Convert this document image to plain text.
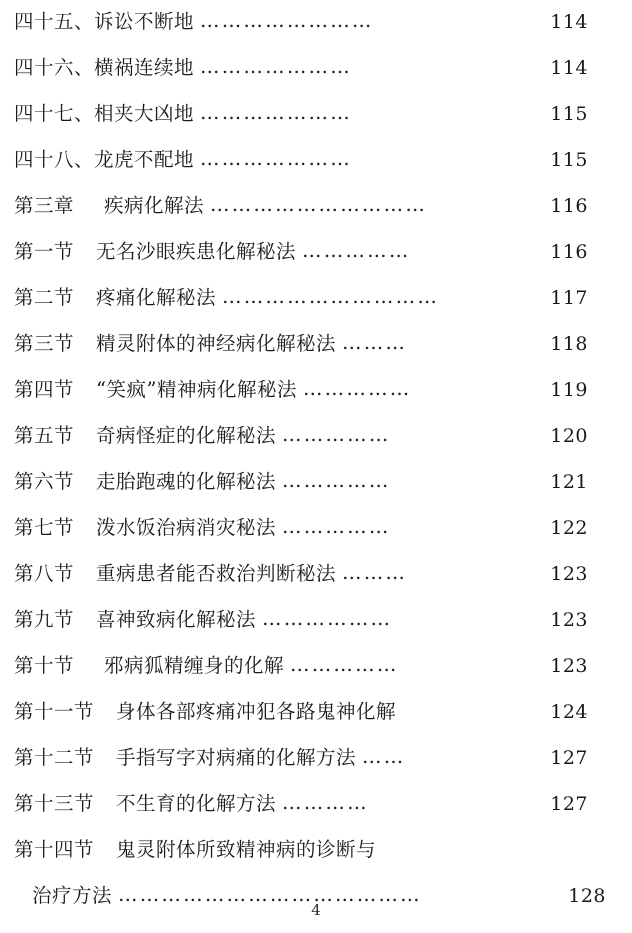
四十五、诉讼不断地 ……………………	114
四十六、横祸连续地 …………………	114
四十七、相夹大凶地 …………………	115
四十八、龙虎不配地 …………………	115
第三章 疾病化解法 …………………………	116
第一节 无名沙眼疾患化解秘法 ……………	116
第二节 疼痛化解秘法 …………………………	117
第三节 精灵附体的神经病化解秘法 ………	118
第四节 “笑疯”精神病化解秘法 ……………	119
第五节 奇病怪症的化解秘法 ……………	120
第六节 走胎跑魂的化解秘法 ……………	121
第七节 泼水饭治病消灾秘法 ……………	122
第八节 重病患者能否救治判断秘法 ………	123
第九节 喜神致病化解秘法 ………………	123
第十节 邪病狐精缠身的化解 ……………	123
第十一节 身体各部疼痛冲犯各路鬼神化解	124
第十二节 手指写字对病痛的化解方法 ……	127
第十三节 不生育的化解方法 …………	127
第十四节 鬼灵附体所致精神病的诊断与
治疗方法 ……………………………………	128
4
